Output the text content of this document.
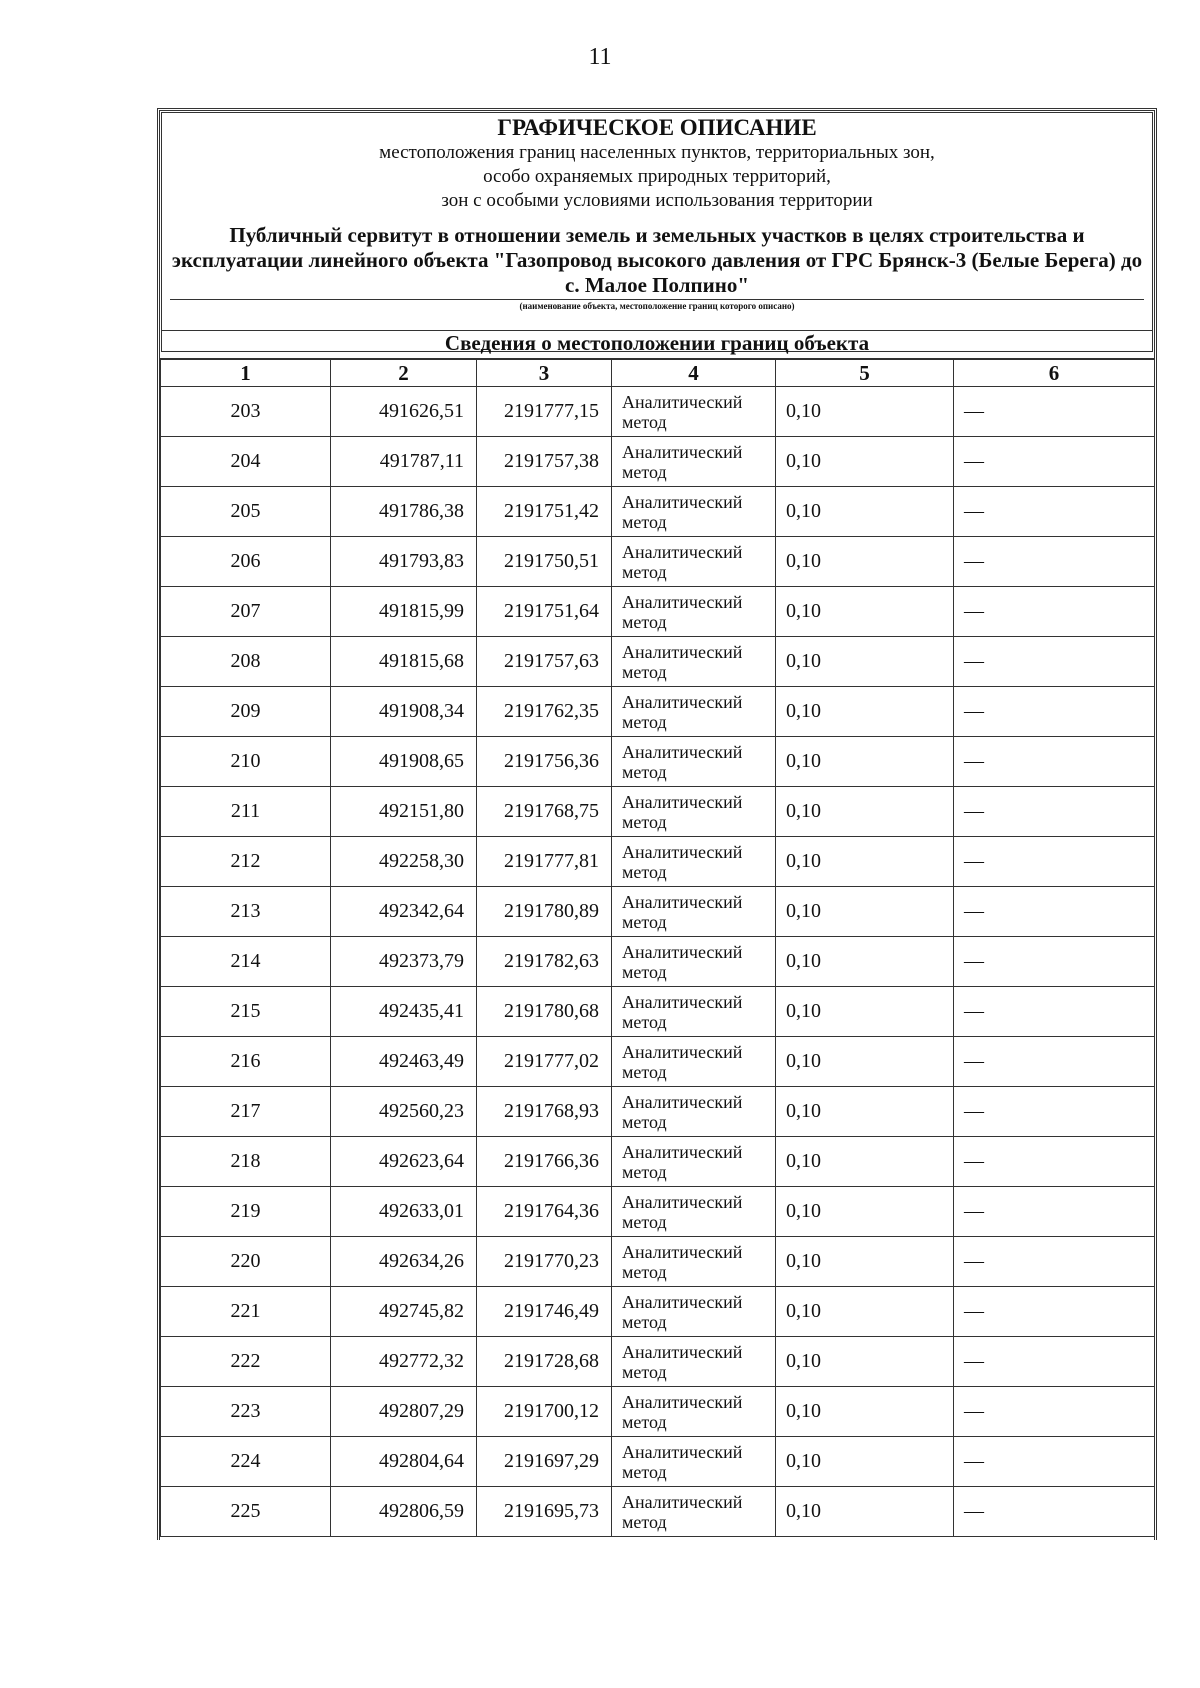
11
ГРАФИЧЕСКОЕ ОПИСАНИЕ
местоположения границ населенных пунктов, территориальных зон,
особо охраняемых природных территорий,
зон с особыми условиями использования территории
Публичный сервитут в отношении земель и земельных участков в целях строительства и эксплуатации линейного объекта "Газопровод высокого давления от ГРС Брянск-3 (Белые Берега) до с. Малое Полпино"
(наименование объекта, местоположение границ которого описано)
Сведения о местоположении границ объекта
1	2	3	4	5	6
203	491626,51	2191777,15	Аналитический метод	0,10	—
204	491787,11	2191757,38	Аналитический метод	0,10	—
205	491786,38	2191751,42	Аналитический метод	0,10	—
206	491793,83	2191750,51	Аналитический метод	0,10	—
207	491815,99	2191751,64	Аналитический метод	0,10	—
208	491815,68	2191757,63	Аналитический метод	0,10	—
209	491908,34	2191762,35	Аналитический метод	0,10	—
210	491908,65	2191756,36	Аналитический метод	0,10	—
211	492151,80	2191768,75	Аналитический метод	0,10	—
212	492258,30	2191777,81	Аналитический метод	0,10	—
213	492342,64	2191780,89	Аналитический метод	0,10	—
214	492373,79	2191782,63	Аналитический метод	0,10	—
215	492435,41	2191780,68	Аналитический метод	0,10	—
216	492463,49	2191777,02	Аналитический метод	0,10	—
217	492560,23	2191768,93	Аналитический метод	0,10	—
218	492623,64	2191766,36	Аналитический метод	0,10	—
219	492633,01	2191764,36	Аналитический метод	0,10	—
220	492634,26	2191770,23	Аналитический метод	0,10	—
221	492745,82	2191746,49	Аналитический метод	0,10	—
222	492772,32	2191728,68	Аналитический метод	0,10	—
223	492807,29	2191700,12	Аналитический метод	0,10	—
224	492804,64	2191697,29	Аналитический метод	0,10	—
225	492806,59	2191695,73	Аналитический метод	0,10	—
